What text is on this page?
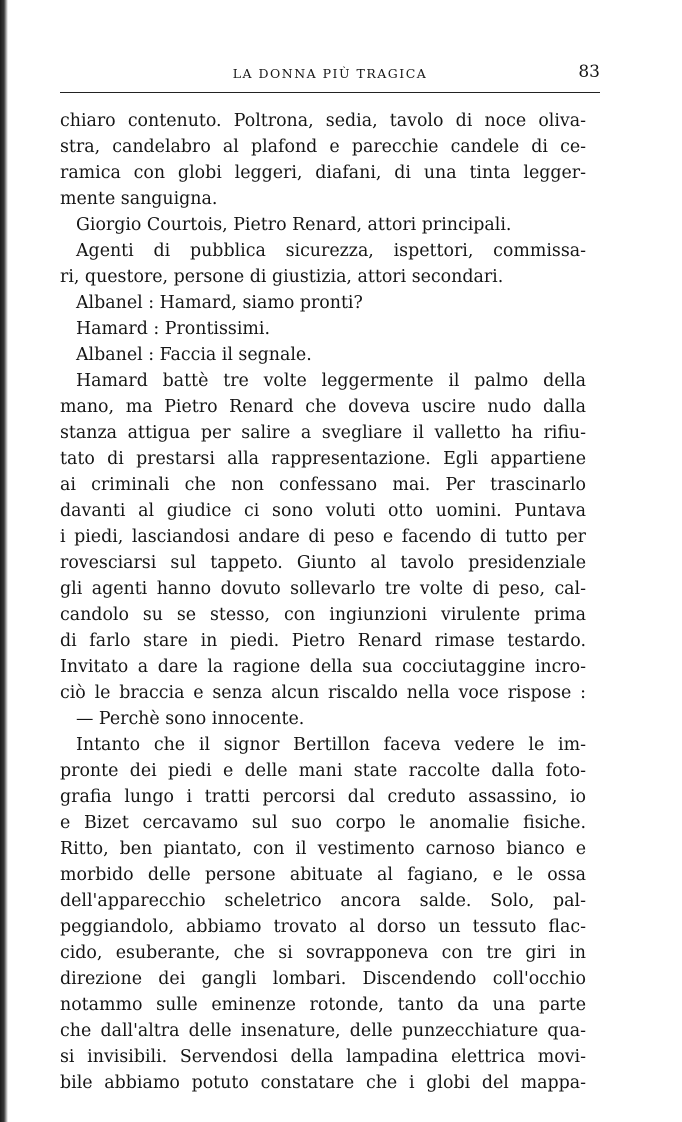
LA DONNA PIÙ TRAGICA	83
chiaro contenuto. Poltrona, sedia, tavolo di noce oliva-
stra, candelabro al plafond e parecchie candele di ce-
ramica con globi leggeri, diafani, di una tinta legger-
mente sanguigna.
Giorgio Courtois, Pietro Renard, attori principali.
Agenti di pubblica sicurezza, ispettori, commissa-
ri, questore, persone di giustizia, attori secondari.
Albanel : Hamard, siamo pronti?
Hamard : Prontissimi.
Albanel : Faccia il segnale.
Hamard battè tre volte leggermente il palmo della
mano, ma Pietro Renard che doveva uscire nudo dalla
stanza attigua per salire a svegliare il valletto ha rifiu-
tato di prestarsi alla rappresentazione. Egli appartiene
ai criminali che non confessano mai. Per trascinarlo
davanti al giudice ci sono voluti otto uomini. Puntava
i piedi, lasciandosi andare di peso e facendo di tutto per
rovesciarsi sul tappeto. Giunto al tavolo presidenziale
gli agenti hanno dovuto sollevarlo tre volte di peso, cal-
candolo su se stesso, con ingiunzioni virulente prima
di farlo stare in piedi. Pietro Renard rimase testardo.
Invitato a dare la ragione della sua cocciutaggine incro-
ciò le braccia e senza alcun riscaldo nella voce rispose :
— Perchè sono innocente.
Intanto che il signor Bertillon faceva vedere le im-
pronte dei piedi e delle mani state raccolte dalla foto-
grafia lungo i tratti percorsi dal creduto assassino, io
e Bizet cercavamo sul suo corpo le anomalie fisiche.
Ritto, ben piantato, con il vestimento carnoso bianco e
morbido delle persone abituate al fagiano, e le ossa
dell'apparecchio scheletrico ancora salde. Solo, pal-
peggiandolo, abbiamo trovato al dorso un tessuto flac-
cido, esuberante, che si sovrapponeva con tre giri in
direzione dei gangli lombari. Discendendo coll'occhio
notammo sulle eminenze rotonde, tanto da una parte
che dall'altra delle insenature, delle punzecchiature qua-
si invisibili. Servendosi della lampadina elettrica movi-
bile abbiamo potuto constatare che i globi del mappa-
